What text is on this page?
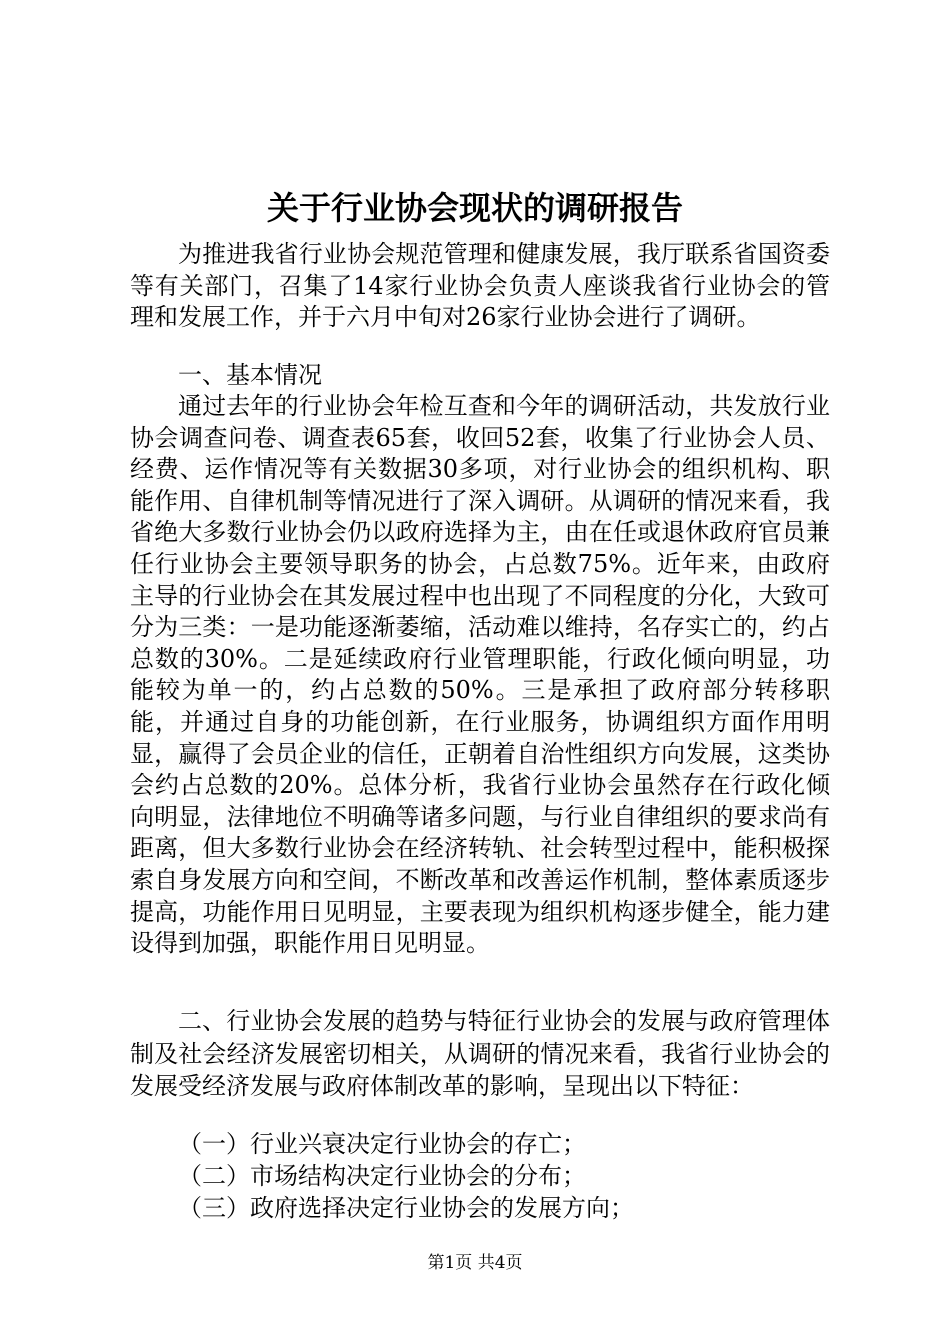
关于行业协会现状的调研报告

为推进我省行业协会规范管理和健康发展，我厅联系省国资委等有关部门，召集了14家行业协会负责人座谈我省行业协会的管理和发展工作，并于六月中旬对26家行业协会进行了调研。

一、基本情况

通过去年的行业协会年检互查和今年的调研活动，共发放行业协会调查问卷、调查表65套，收回52套，收集了行业协会人员、经费、运作情况等有关数据30多项，对行业协会的组织机构、职能作用、自律机制等情况进行了深入调研。从调研的情况来看，我省绝大多数行业协会仍以政府选择为主，由在任或退休政府官员兼任行业协会主要领导职务的协会，占总数75%。近年来，由政府主导的行业协会在其发展过程中也出现了不同程度的分化，大致可分为三类：一是功能逐渐萎缩，活动难以维持，名存实亡的，约占总数的30%。二是延续政府行业管理职能，行政化倾向明显，功能较为单一的，约占总数的50%。三是承担了政府部分转移职能，并通过自身的功能创新，在行业服务，协调组织方面作用明显，赢得了会员企业的信任，正朝着自治性组织方向发展，这类协会约占总数的20%。总体分析，我省行业协会虽然存在行政化倾向明显，法律地位不明确等诸多问题，与行业自律组织的要求尚有距离，但大多数行业协会在经济转轨、社会转型过程中，能积极探索自身发展方向和空间，不断改革和改善运作机制，整体素质逐步提高，功能作用日见明显，主要表现为组织机构逐步健全，能力建设得到加强，职能作用日见明显。

二、行业协会发展的趋势与特征行业协会的发展与政府管理体制及社会经济发展密切相关，从调研的情况来看，我省行业协会的发展受经济发展与政府体制改革的影响，呈现出以下特征：

（一）行业兴衰决定行业协会的存亡；

（二）市场结构决定行业协会的分布；

（三）政府选择决定行业协会的发展方向；

第1页 共4页
